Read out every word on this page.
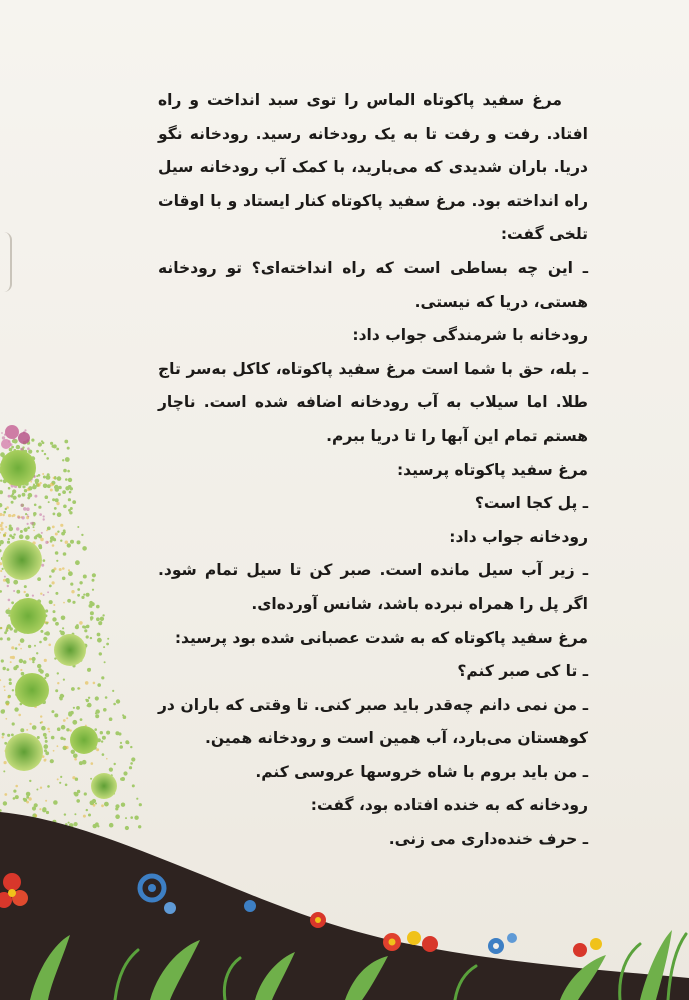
مرغ سفید پاکوتاه الماس را توی سبد انداخت و راه افتاد. رفت و رفت تا به یک رودخانه رسید. رودخانه نگو دریا. باران شدیدی که می‌بارید، با کمک آب رودخانه سیل راه انداخته بود. مرغ سفید پاکوتاه کنار ایستاد و با اوقات تلخی گفت:

ـ این چه بساطی است که راه انداخته‌ای؟ تو رودخانه هستی، دریا که نیستی.

رودخانه با شرمندگی جواب داد:

ـ بله، حق با شما است مرغ سفید پاکوتاه، کاکل به‌سر تاج طلا. اما سیلاب به آب رودخانه اضافه شده است. ناچار هستم تمام این آبها را تا دریا ببرم.

مرغ سفید پاکوتاه پرسید:

ـ پل کجا است؟

رودخانه جواب داد:

ـ زیر آب سیل مانده است. صبر کن تا سیل تمام شود. اگر پل را همراه نبرده باشد، شانس آورده‌ای.

مرغ سفید پاکوتاه که به شدت عصبانی شده بود پرسید:

ـ تا کی صبر کنم؟

ـ من نمی دانم چه‌قدر باید صبر کنی. تا وقتی که باران در کوهستان می‌بارد، آب همین است و رودخانه همین.

ـ من باید بروم با شاه خروسها عروسی کنم.

رودخانه که به خنده افتاده بود، گفت:

ـ حرف خنده‌داری می زنی.
